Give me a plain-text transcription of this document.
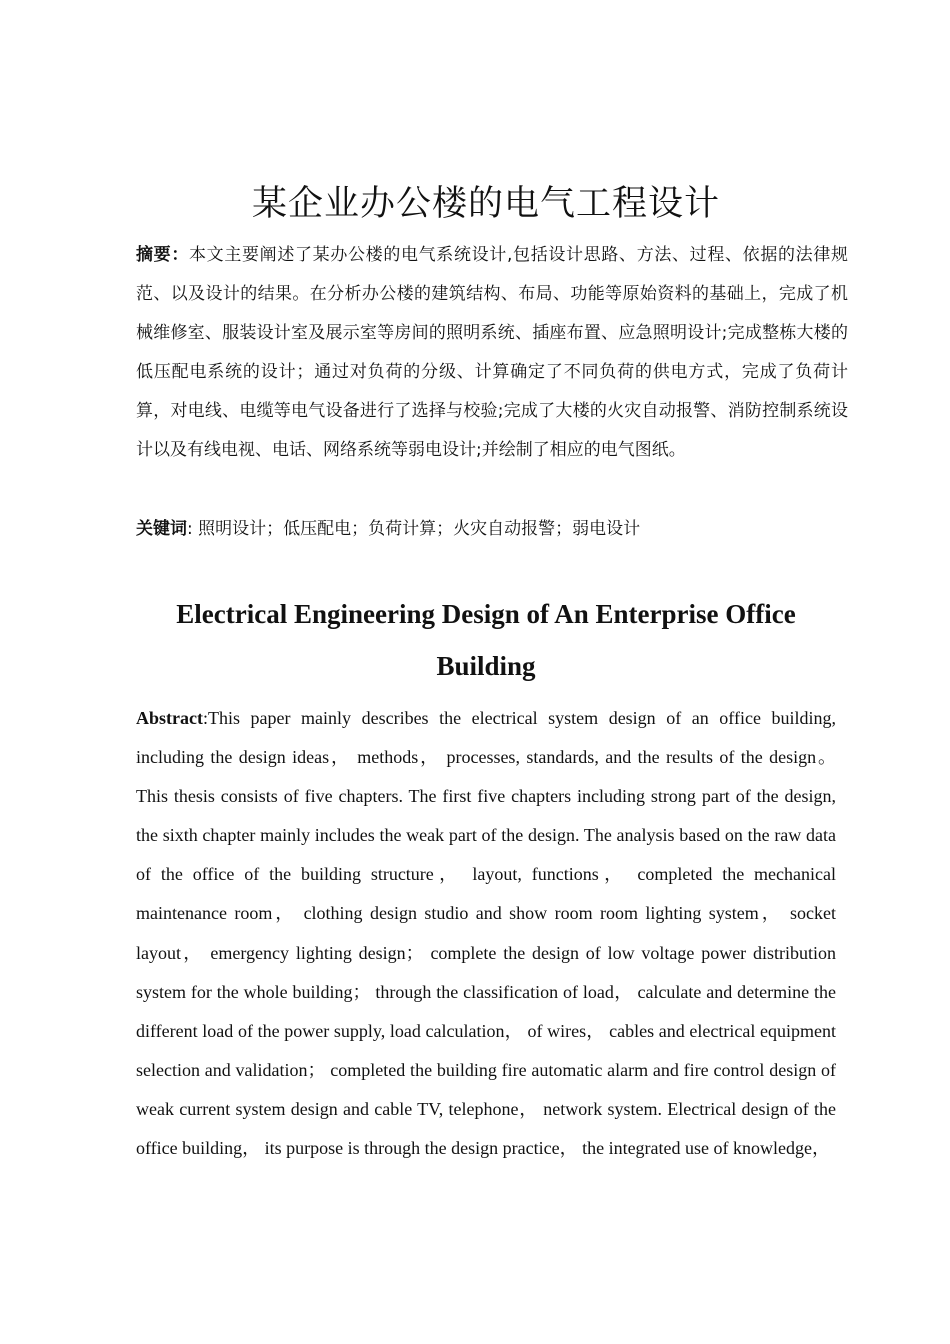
某企业办公楼的电气工程设计

摘要：本文主要阐述了某办公楼的电气系统设计,包括设计思路、方法、过程、依据的法律规范、以及设计的结果。在分析办公楼的建筑结构、布局、功能等原始资料的基础上，完成了机械维修室、服装设计室及展示室等房间的照明系统、插座布置、应急照明设计;完成整栋大楼的低压配电系统的设计；通过对负荷的分级、计算确定了不同负荷的供电方式，完成了负荷计算，对电线、电缆等电气设备进行了选择与校验;完成了大楼的火灾自动报警、消防控制系统设计以及有线电视、电话、网络系统等弱电设计;并绘制了相应的电气图纸。

关键词: 照明设计；低压配电；负荷计算；火灾自动报警；弱电设计

Electrical Engineering Design of An Enterprise Office Building

Abstract:This paper mainly describes the electrical system design of an office building, including the design ideas， methods， processes, standards, and the results of the design。 This thesis consists of five chapters. The first five chapters including strong part of the design, the sixth chapter mainly includes the weak part of the design. The analysis based on the raw data of the office of the building structure， layout, functions， completed the mechanical maintenance room， clothing design studio and show room room lighting system， socket layout， emergency lighting design； complete the design of low voltage power distribution system for the whole building； through the classification of load， calculate and determine the different load of the power supply, load calculation， of wires， cables and electrical equipment selection and validation； completed the building fire automatic alarm and fire control design of weak current system design and cable TV, telephone， network system. Electrical design of the office building， its purpose is through the design practice， the integrated use of knowledge，
